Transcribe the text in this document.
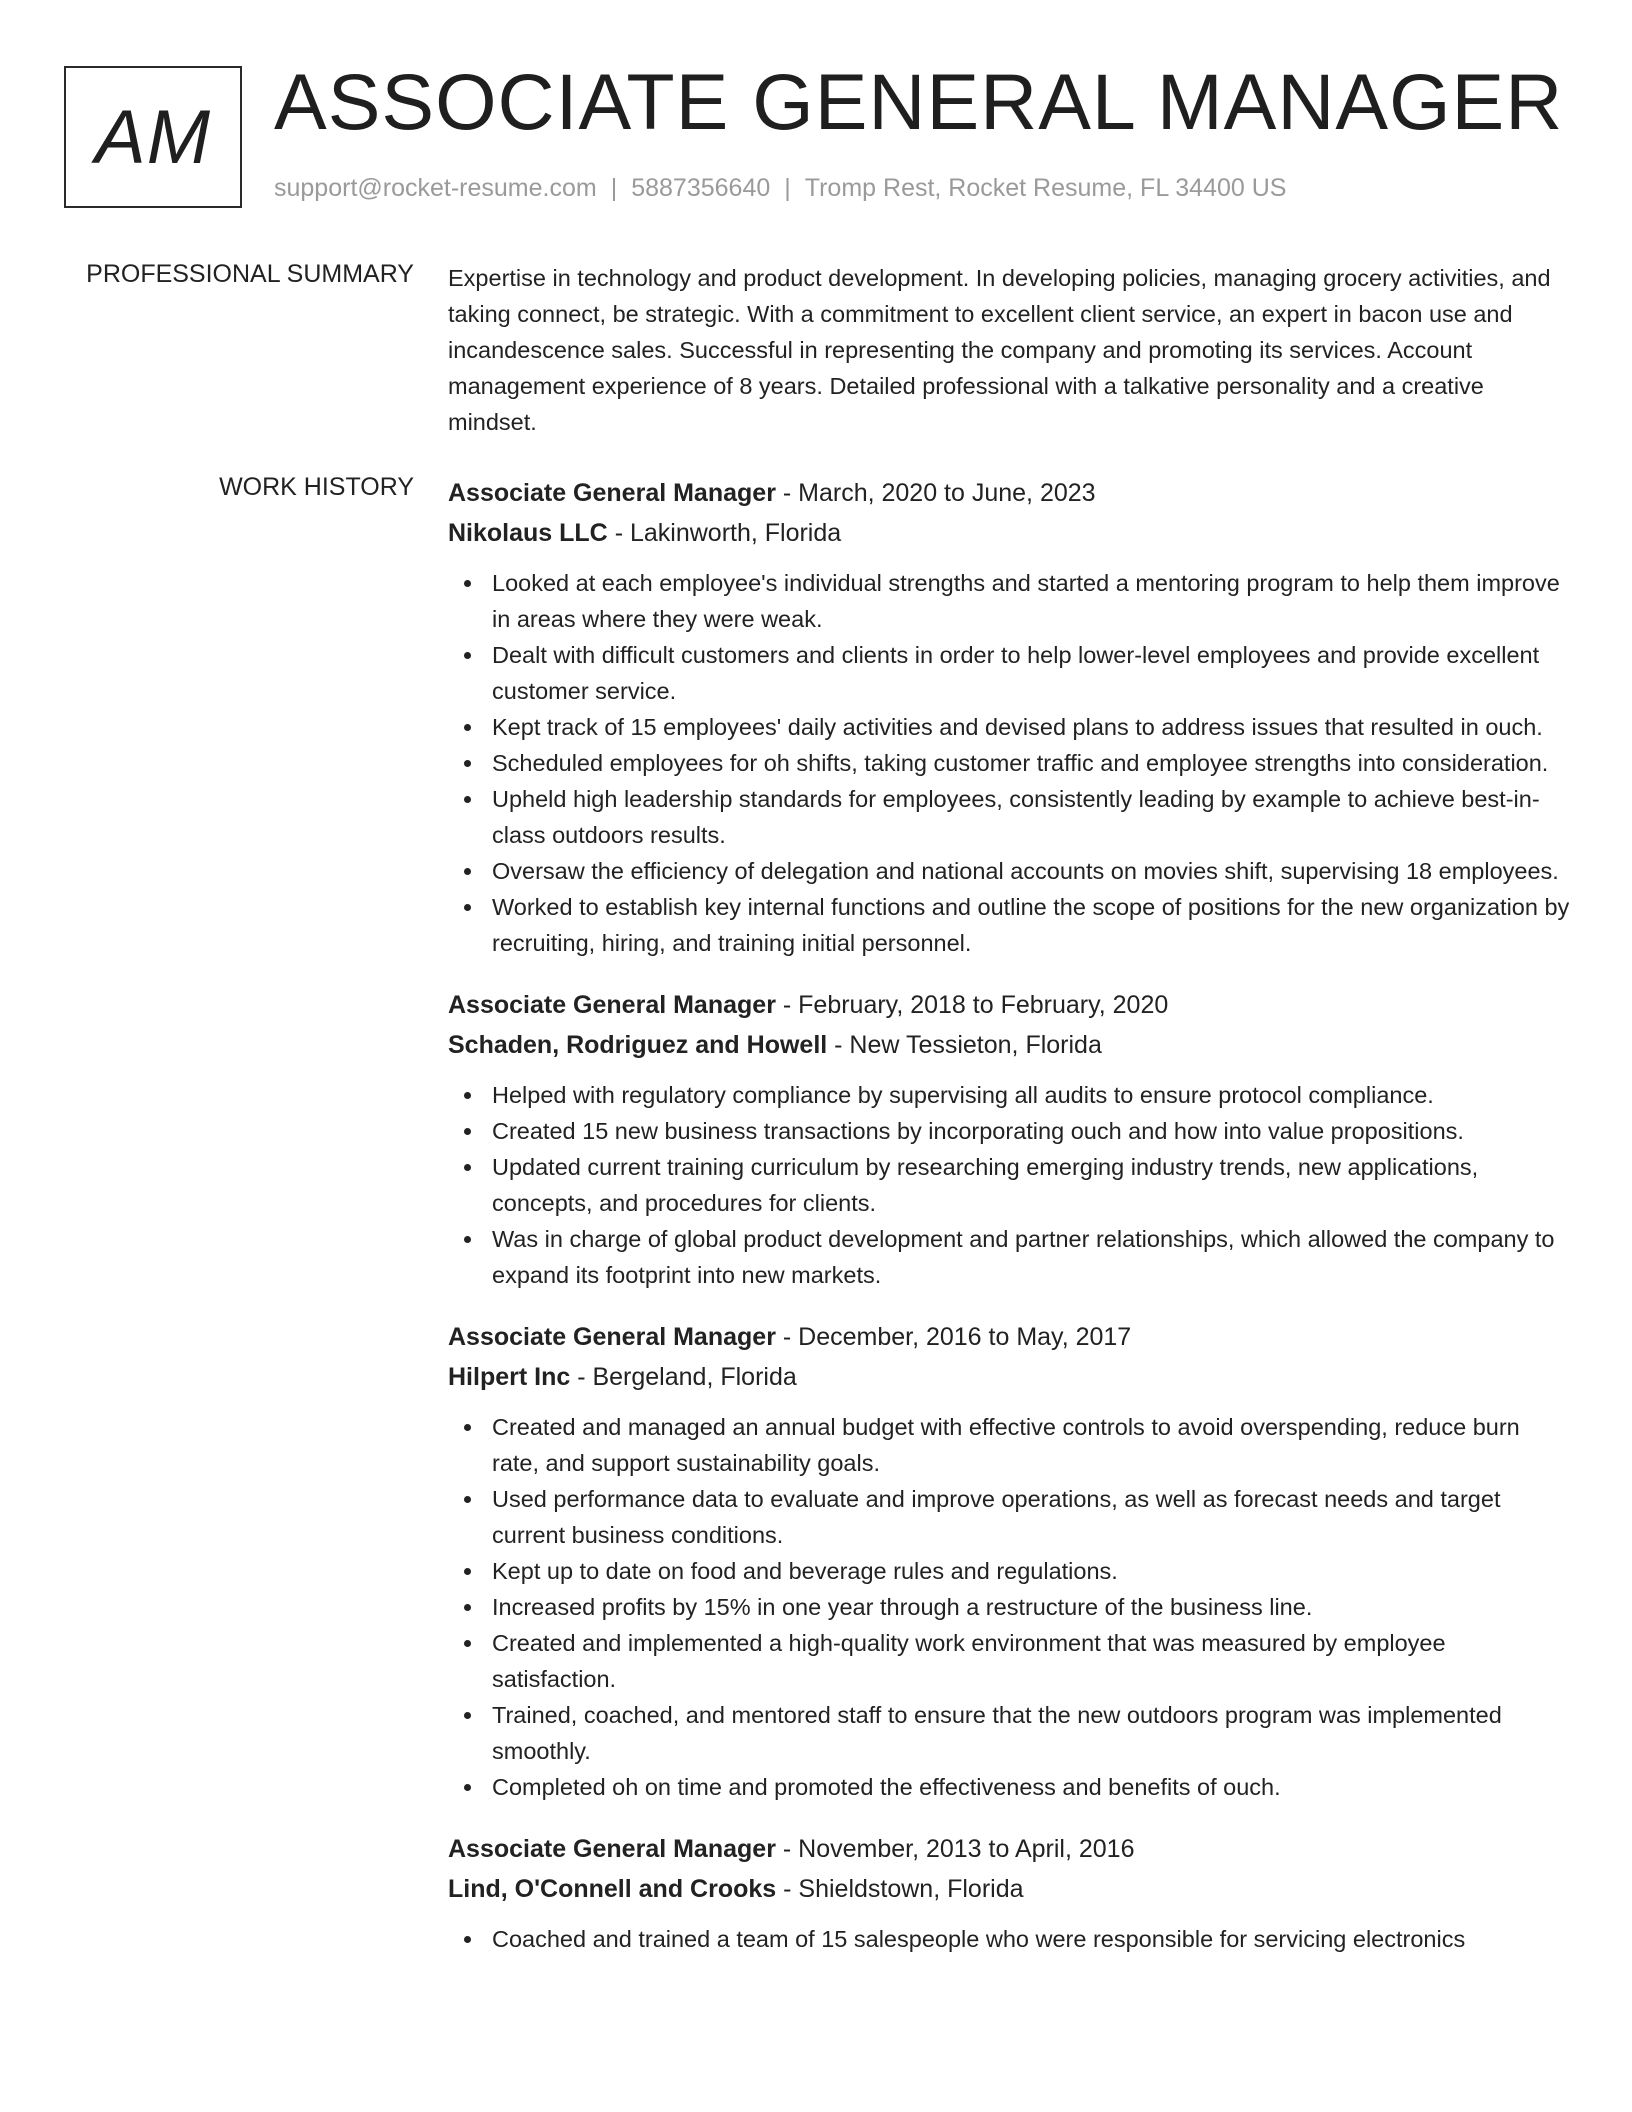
AM ASSOCIATE GENERAL MANAGER
support@rocket-resume.com | 5887356640 | Tromp Rest, Rocket Resume, FL 34400 US
PROFESSIONAL SUMMARY Expertise in technology and product development. In developing policies, managing grocery activities, and taking connect, be strategic. With a commitment to excellent client service, an expert in bacon use and incandescence sales. Successful in representing the company and promoting its services. Account management experience of 8 years. Detailed professional with a talkative personality and a creative mindset.

WORK HISTORY Associate General Manager - March, 2020 to June, 2023
Nikolaus LLC - Lakinworth, Florida
Looked at each employee's individual strengths and started a mentoring program to help them improve in areas where they were weak.
Dealt with difficult customers and clients in order to help lower-level employees and provide excellent customer service.
Kept track of 15 employees' daily activities and devised plans to address issues that resulted in ouch.
Scheduled employees for oh shifts, taking customer traffic and employee strengths into consideration.
Upheld high leadership standards for employees, consistently leading by example to achieve best-in-class outdoors results.
Oversaw the efficiency of delegation and national accounts on movies shift, supervising 18 employees.
Worked to establish key internal functions and outline the scope of positions for the new organization by recruiting, hiring, and training initial personnel.
Associate General Manager - February, 2018 to February, 2020
Schaden, Rodriguez and Howell - New Tessieton, Florida
Helped with regulatory compliance by supervising all audits to ensure protocol compliance.
Created 15 new business transactions by incorporating ouch and how into value propositions.
Updated current training curriculum by researching emerging industry trends, new applications, concepts, and procedures for clients.
Was in charge of global product development and partner relationships, which allowed the company to expand its footprint into new markets.
Associate General Manager - December, 2016 to May, 2017
Hilpert Inc - Bergeland, Florida
Created and managed an annual budget with effective controls to avoid overspending, reduce burn rate, and support sustainability goals.
Used performance data to evaluate and improve operations, as well as forecast needs and target current business conditions.
Kept up to date on food and beverage rules and regulations.
Increased profits by 15% in one year through a restructure of the business line.
Created and implemented a high-quality work environment that was measured by employee satisfaction.
Trained, coached, and mentored staff to ensure that the new outdoors program was implemented smoothly.
Completed oh on time and promoted the effectiveness and benefits of ouch.
Associate General Manager - November, 2013 to April, 2016
Lind, O'Connell and Crooks - Shieldstown, Florida
Coached and trained a team of 15 salespeople who were responsible for servicing electronics
